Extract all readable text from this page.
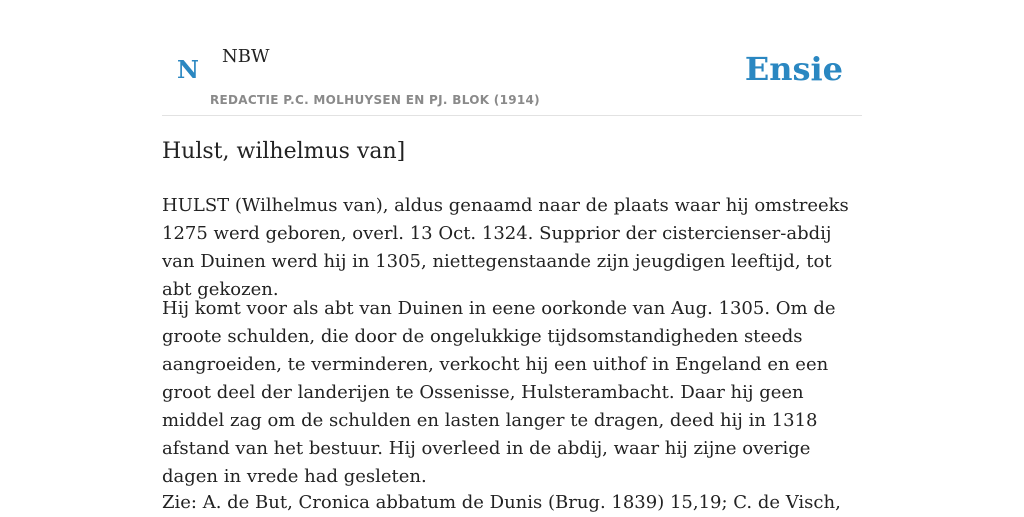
N NBW
REDACTIE P.C. MOLHUYSEN EN PJ. BLOK (1914)
Ensie
Hulst, wilhelmus van]

HULST (Wilhelmus van), aldus genaamd naar de plaats waar hij omstreeks 1275 werd geboren, overl. 13 Oct. 1324. Supprior der cistercienser-abdij van Duinen werd hij in 1305, niettegenstaande zijn jeugdigen leeftijd, tot abt gekozen.

Hij komt voor als abt van Duinen in eene oorkonde van Aug. 1305. Om de groote schulden, die door de ongelukkige tijdsomstandigheden steeds aangroeiden, te verminderen, verkocht hij een uithof in Engeland en een groot deel der landerijen te Ossenisse, Hulsterambacht. Daar hij geen middel zag om de schulden en lasten langer te dragen, deed hij in 1318 afstand van het bestuur. Hij overleed in de abdij, waar hij zijne overige dagen in vrede had gesleten.

Zie: A. de But, Cronica abbatum de Dunis (Brug. 1839) 15,19; C. de Visch,
